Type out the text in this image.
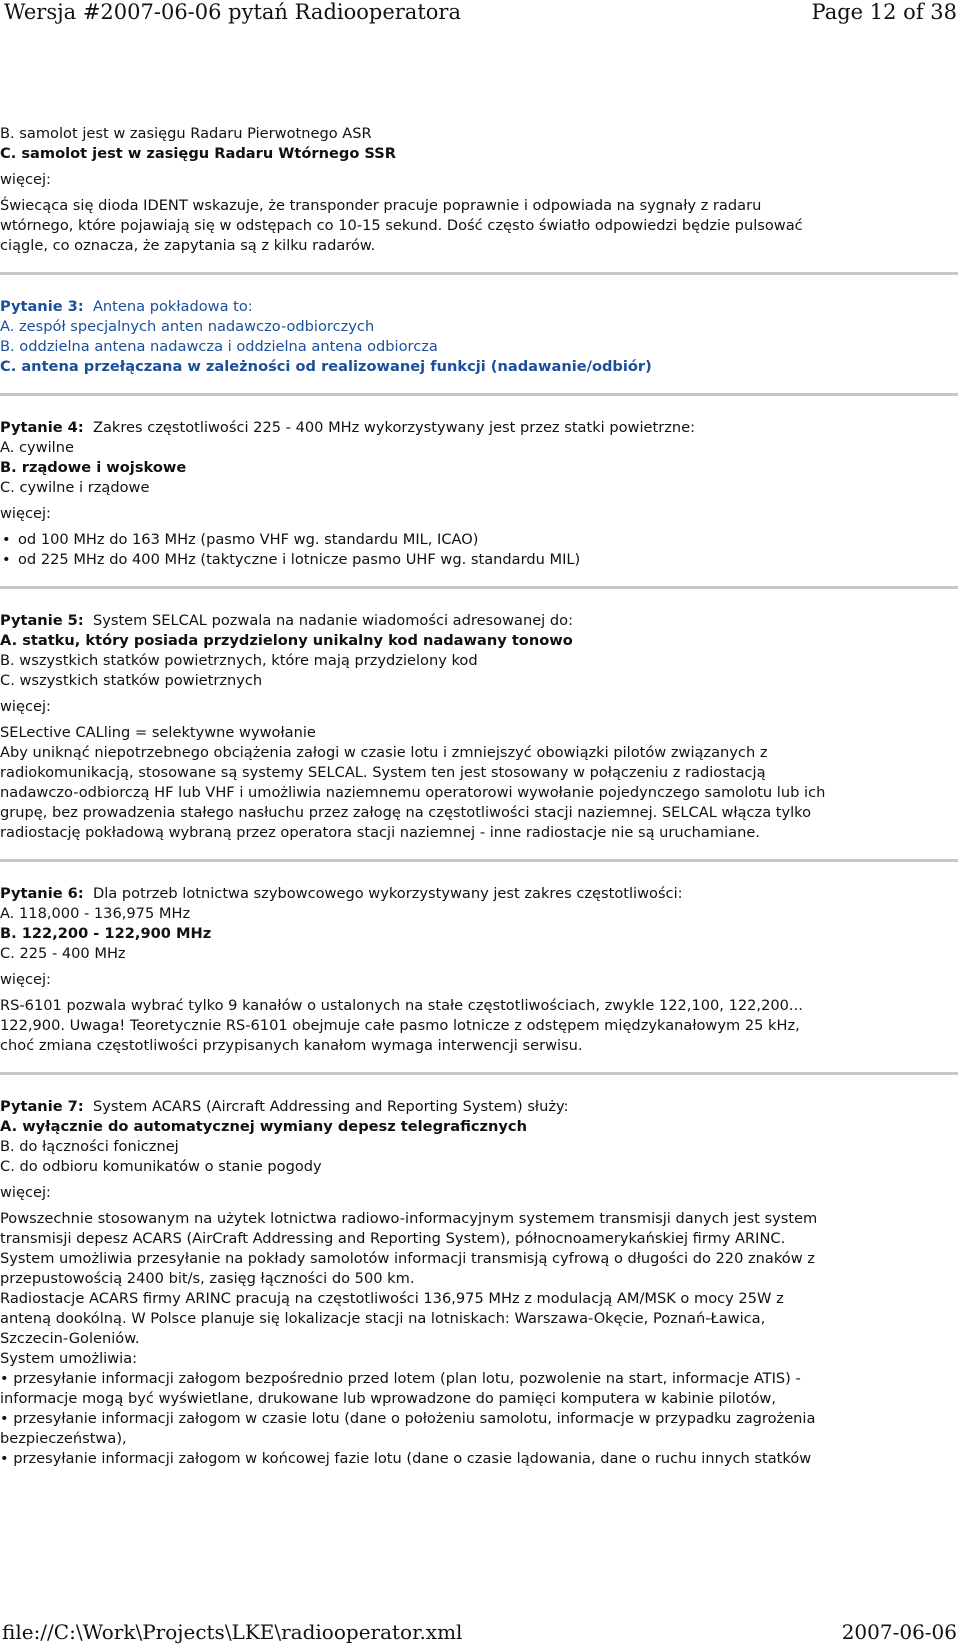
Wersja #2007-06-06 pytań Radiooperatora	Page 12 of 38
B. samolot jest w zasięgu Radaru Pierwotnego ASR
C. samolot jest w zasięgu Radaru Wtórnego SSR
więcej:
Świecąca się dioda IDENT wskazuje, że transponder pracuje poprawnie i odpowiada na sygnały z radaru
wtórnego, które pojawiają się w odstępach co 10-15 sekund. Dość często światło odpowiedzi będzie pulsować
ciągle, co oznacza, że zapytania są z kilku radarów.
Pytanie 3: Antena pokładowa to:
A. zespół specjalnych anten nadawczo-odbiorczych
B. oddzielna antena nadawcza i oddzielna antena odbiorcza
C. antena przełączana w zależności od realizowanej funkcji (nadawanie/odbiór)
Pytanie 4: Zakres częstotliwości 225 - 400 MHz wykorzystywany jest przez statki powietrzne:
A. cywilne
B. rządowe i wojskowe
C. cywilne i rządowe
więcej:
• od 100 MHz do 163 MHz (pasmo VHF wg. standardu MIL, ICAO)
• od 225 MHz do 400 MHz (taktyczne i lotnicze pasmo UHF wg. standardu MIL)
Pytanie 5: System SELCAL pozwala na nadanie wiadomości adresowanej do:
A. statku, który posiada przydzielony unikalny kod nadawany tonowo
B. wszystkich statków powietrznych, które mają przydzielony kod
C. wszystkich statków powietrznych
więcej:
SELective CALling = selektywne wywołanie
Aby uniknąć niepotrzebnego obciążenia załogi w czasie lotu i zmniejszyć obowiązki pilotów związanych z
radiokomunikacją, stosowane są systemy SELCAL. System ten jest stosowany w połączeniu z radiostacją
nadawczo-odbiorczą HF lub VHF i umożliwia naziemnemu operatorowi wywołanie pojedynczego samolotu lub ich
grupę, bez prowadzenia stałego nasłuchu przez załogę na częstotliwości stacji naziemnej. SELCAL włącza tylko
radiostację pokładową wybraną przez operatora stacji naziemnej - inne radiostacje nie są uruchamiane.
Pytanie 6: Dla potrzeb lotnictwa szybowcowego wykorzystywany jest zakres częstotliwości:
A. 118,000 - 136,975 MHz
B. 122,200 - 122,900 MHz
C. 225 - 400 MHz
więcej:
RS-6101 pozwala wybrać tylko 9 kanałów o ustalonych na stałe częstotliwościach, zwykle 122,100, 122,200...
122,900. Uwaga! Teoretycznie RS-6101 obejmuje całe pasmo lotnicze z odstępem międzykanałowym 25 kHz,
choć zmiana częstotliwości przypisanych kanałom wymaga interwencji serwisu.
Pytanie 7: System ACARS (Aircraft Addressing and Reporting System) służy:
A. wyłącznie do automatycznej wymiany depesz telegraficznych
B. do łączności fonicznej
C. do odbioru komunikatów o stanie pogody
więcej:
Powszechnie stosowanym na użytek lotnictwa radiowo-informacyjnym systemem transmisji danych jest system
transmisji depesz ACARS (AirCraft Addressing and Reporting System), północnoamerykańskiej firmy ARINC.
System umożliwia przesyłanie na pokłady samolotów informacji transmisją cyfrową o długości do 220 znaków z
przepustowością 2400 bit/s, zasięg łączności do 500 km.
Radiostacje ACARS firmy ARINC pracują na częstotliwości 136,975 MHz z modulacją AM/MSK o mocy 25W z
anteną dookólną. W Polsce planuje się lokalizacje stacji na lotniskach: Warszawa-Okęcie, Poznań-Ławica,
Szczecin-Goleniów.
System umożliwia:
• przesyłanie informacji załogom bezpośrednio przed lotem (plan lotu, pozwolenie na start, informacje ATIS) -
informacje mogą być wyświetlane, drukowane lub wprowadzone do pamięci komputera w kabinie pilotów,
• przesyłanie informacji załogom w czasie lotu (dane o położeniu samolotu, informacje w przypadku zagrożenia
bezpieczeństwa),
• przesyłanie informacji załogom w końcowej fazie lotu (dane o czasie lądowania, dane o ruchu innych statków
file://C:\Work\Projects\LKE\radiooperator.xml	2007-06-06
